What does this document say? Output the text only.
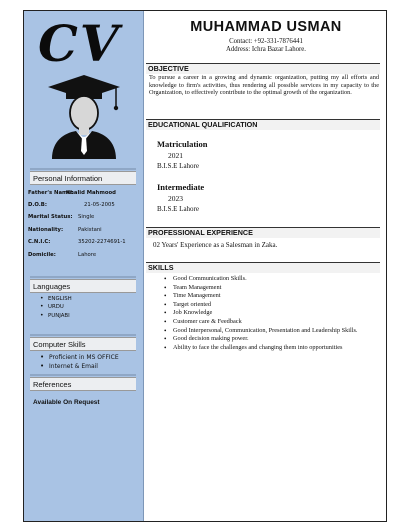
CV
Personal Information
Father's Name:
Khalid Mahmood
D.O.B:	21-05-2005
Marital Status: Single
Nationality:	Pakistani
C.N.I.C:	35202-2274691-1
Domicile:	Lahore
Languages
• ENGLISH
• URDU
• PUNJABI
Computer Skills
• Proficient in MS OFFICE
• Internet & Email
References
Available On Request
MUHAMMAD USMAN
Contact: +92-331-7876441
Address: Ichra Bazar Lahore.
OBJECTIVE
To pursue a career in a growing and dynamic organization, putting my all efforts and knowledge to firm's activities, thus rendering all possible services in my capacity to the Organization, to effectively contribute to the optimal growth of the organization.
EDUCATIONAL QUALIFICATION
Matriculation
2021
B.I.S.E Lahore
Intermediate
2023
B.I.S.E Lahore
PROFESSIONAL EXPERIENCE
02 Years' Experience as a Salesman in Zaka.
SKILLS
• Good Communication Skills.
• Team Management
• Time Management
• Target oriented
• Job Knowledge
• Customer care & Feedback
• Good Interpersonal, Communication, Presentation and Leadership Skills.
• Good decision making power.
• Ability to face the challenges and changing them into opportunities
